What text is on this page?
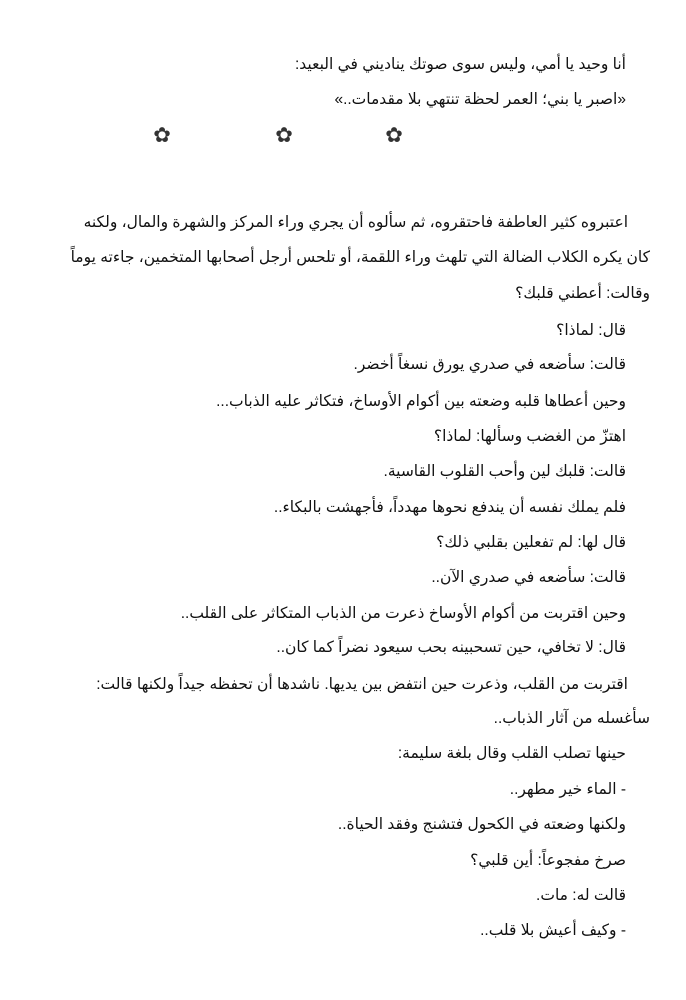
أنا وحيد يا أمي، وليس سوى صوتك يناديني في البعيد:
«اصبر يا بني؛ العمر لحظة تنتهي بلا مقدمات..»
✿	✿	✿
اعتبروه كثير العاطفة فاحتقروه، ثم سألوه أن يجري وراء المركز والشهرة والمال، ولكنه
كان يكره الكلاب الضالة التي تلهث وراء اللقمة، أو تلحس أرجل أصحابها المتخمين، جاءته يوماً
وقالت: أعطني قلبك؟
قال: لماذا؟
قالت: سأضعه في صدري يورق نسغاً أخضر.
وحين أعطاها قلبه وضعته بين أكوام الأوساخ، فتكاثر عليه الذباب...
اهتزّ من الغضب وسألها: لماذا؟
قالت: قلبك لين وأحب القلوب القاسية.
فلم يملك نفسه أن يندفع نحوها مهدداً، فأجهشت بالبكاء..
قال لها: لم تفعلين بقلبي ذلك؟
قالت: سأضعه في صدري الآن..
وحين اقتربت من أكوام الأوساخ ذعرت من الذباب المتكاثر على القلب..
قال: لا تخافي، حين تسحبينه بحب سيعود نضراً كما كان..
اقتربت من القلب، وذعرت حين انتفض بين يديها. ناشدها أن تحفظه جيداً ولكنها قالت:
سأغسله من آثار الذباب..
حينها تصلب القلب وقال بلغة سليمة:
- الماء خير مطهر..
ولكنها وضعته في الكحول فتشنج وفقد الحياة..
صرخ مفجوعاً: أين قلبي؟
قالت له: مات.
- وكيف أعيش بلا قلب..
